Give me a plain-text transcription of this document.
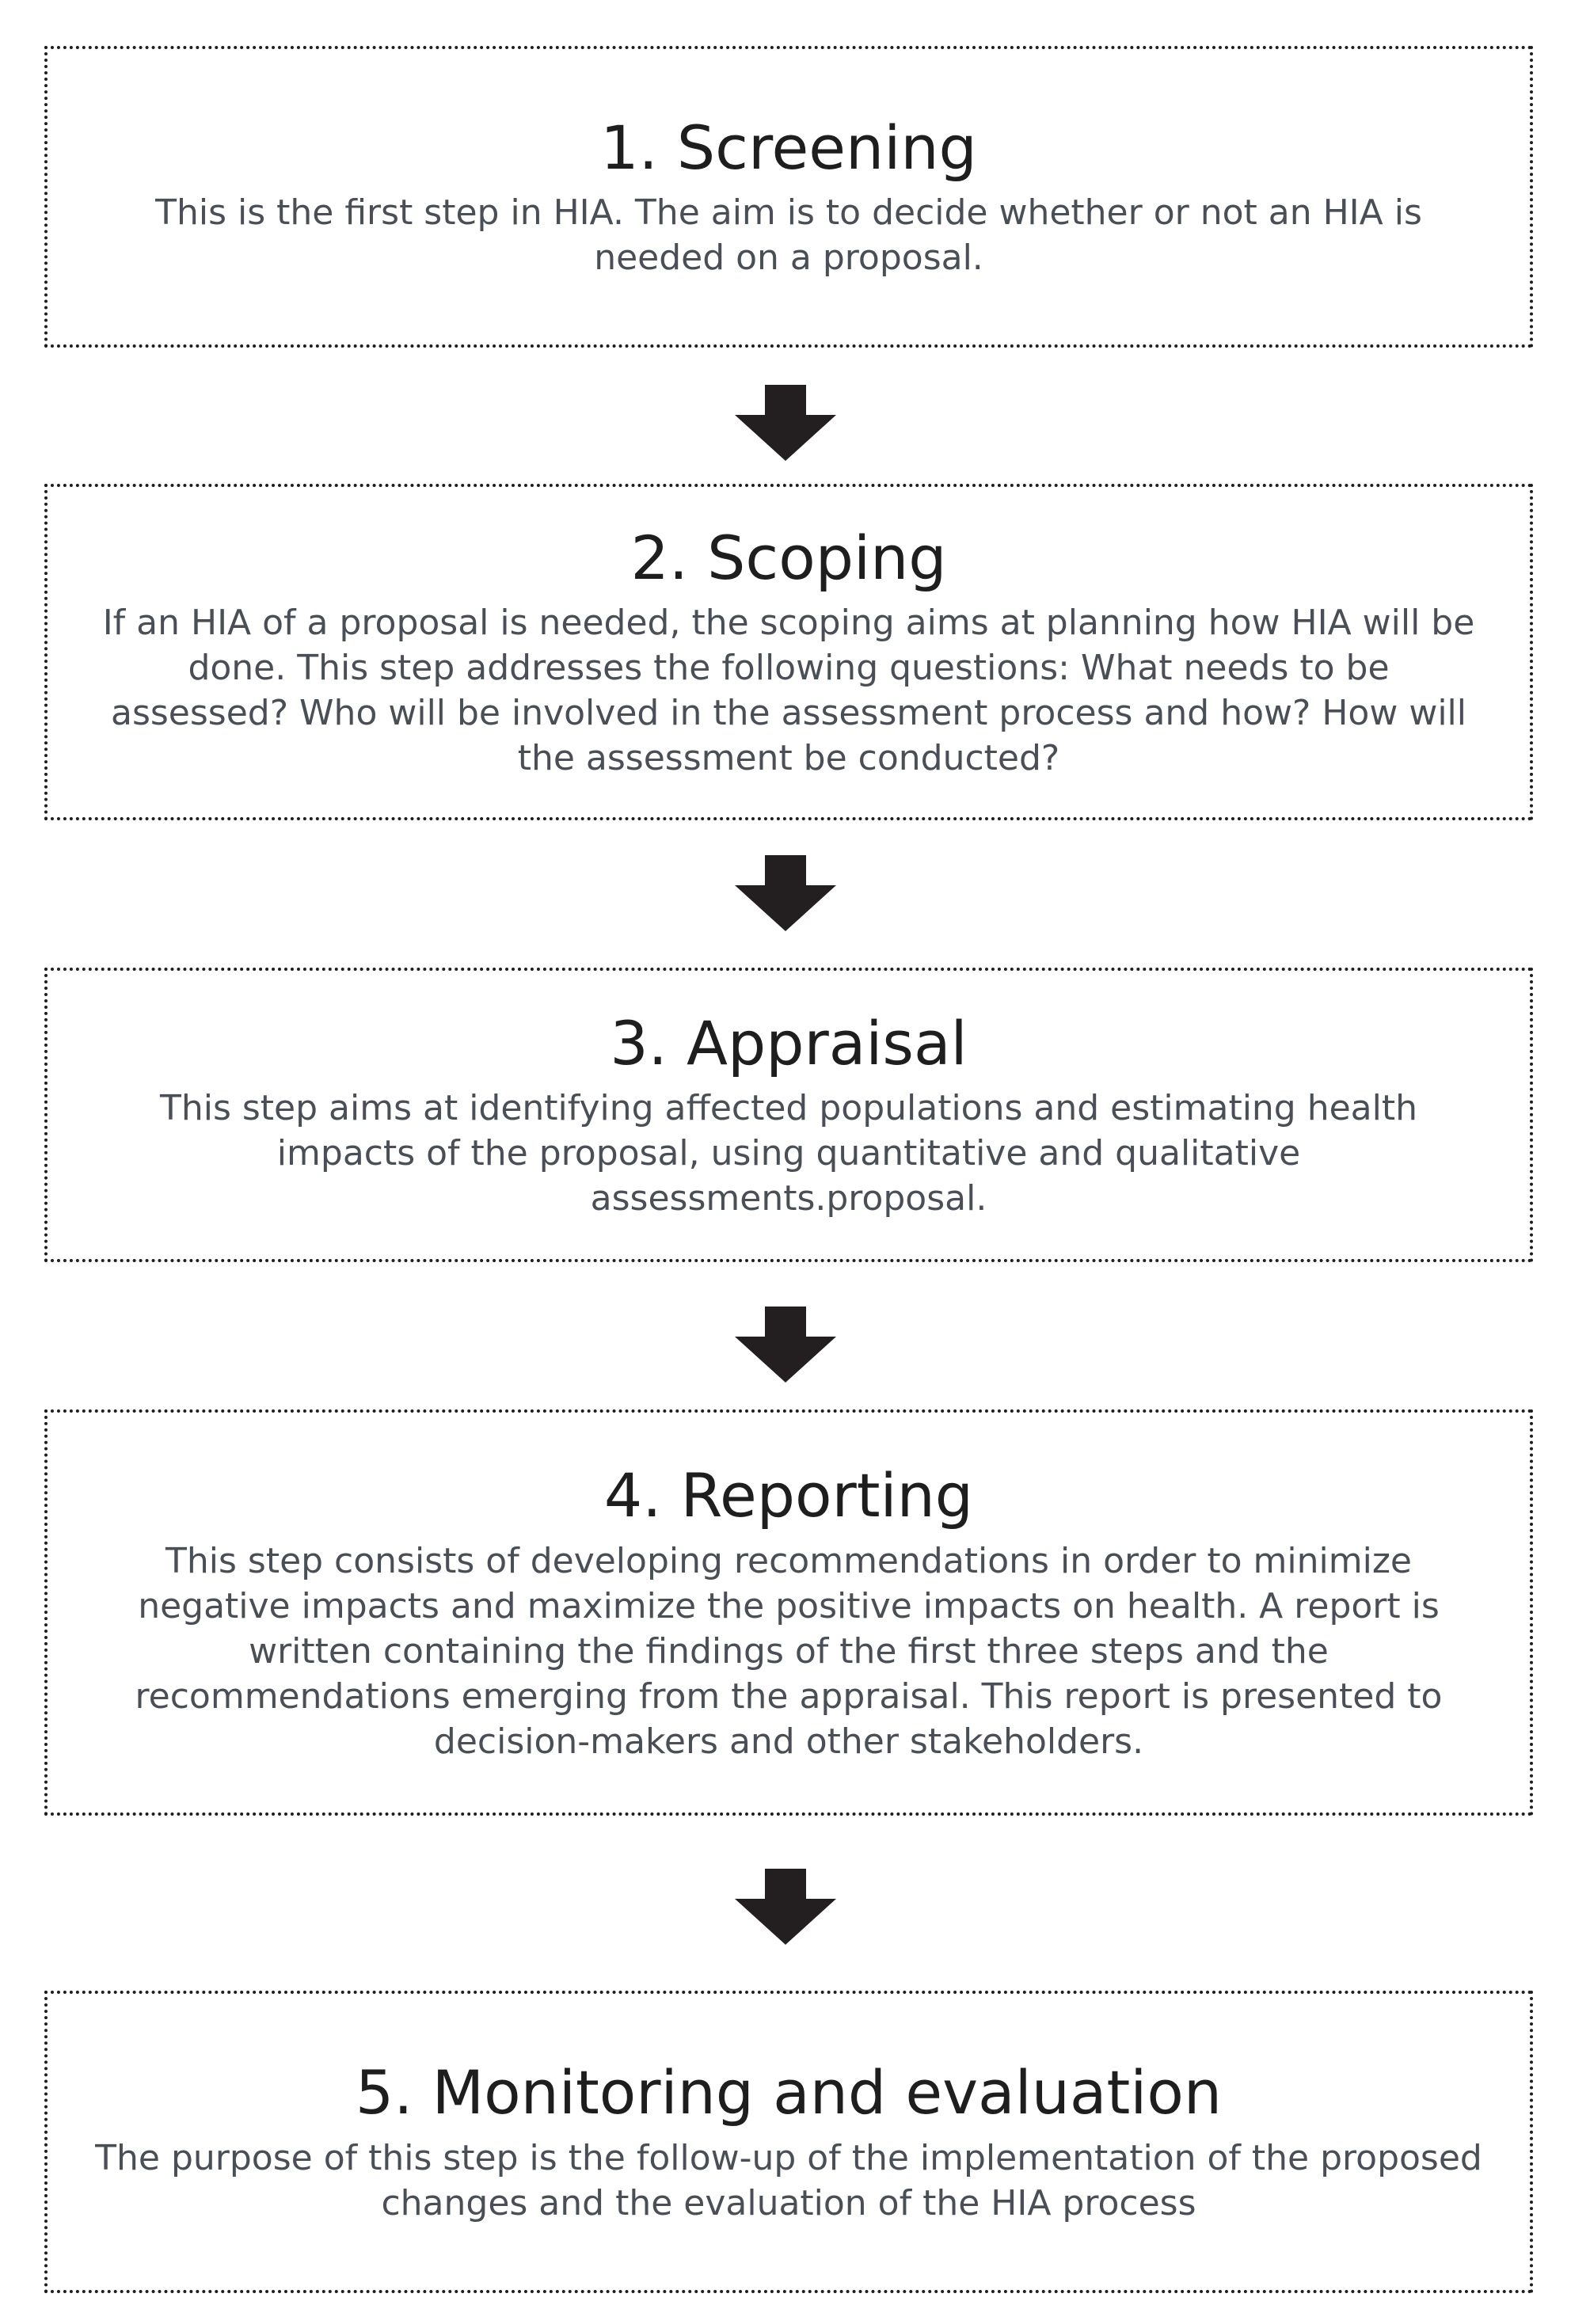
1. Screening

This is the first step in HIA. The aim is to decide whether or not an HIA is needed on a proposal.

2. Scoping

If an HIA of a proposal is needed, the scoping aims at planning how HIA will be done. This step addresses the following questions: What needs to be assessed? Who will be involved in the assessment process and how? How will the assessment be conducted?

3. Appraisal

This step aims at identifying affected populations and estimating health impacts of the proposal, using quantitative and qualitative assessments.proposal.

4. Reporting

This step consists of developing recommendations in order to minimize negative impacts and maximize the positive impacts on health. A report is written containing the findings of the first three steps and the recommendations emerging from the appraisal. This report is presented to decision-makers and other stakeholders.

5. Monitoring and evaluation

The purpose of this step is the follow-up of the implementation of the proposed changes and the evaluation of the HIA process
